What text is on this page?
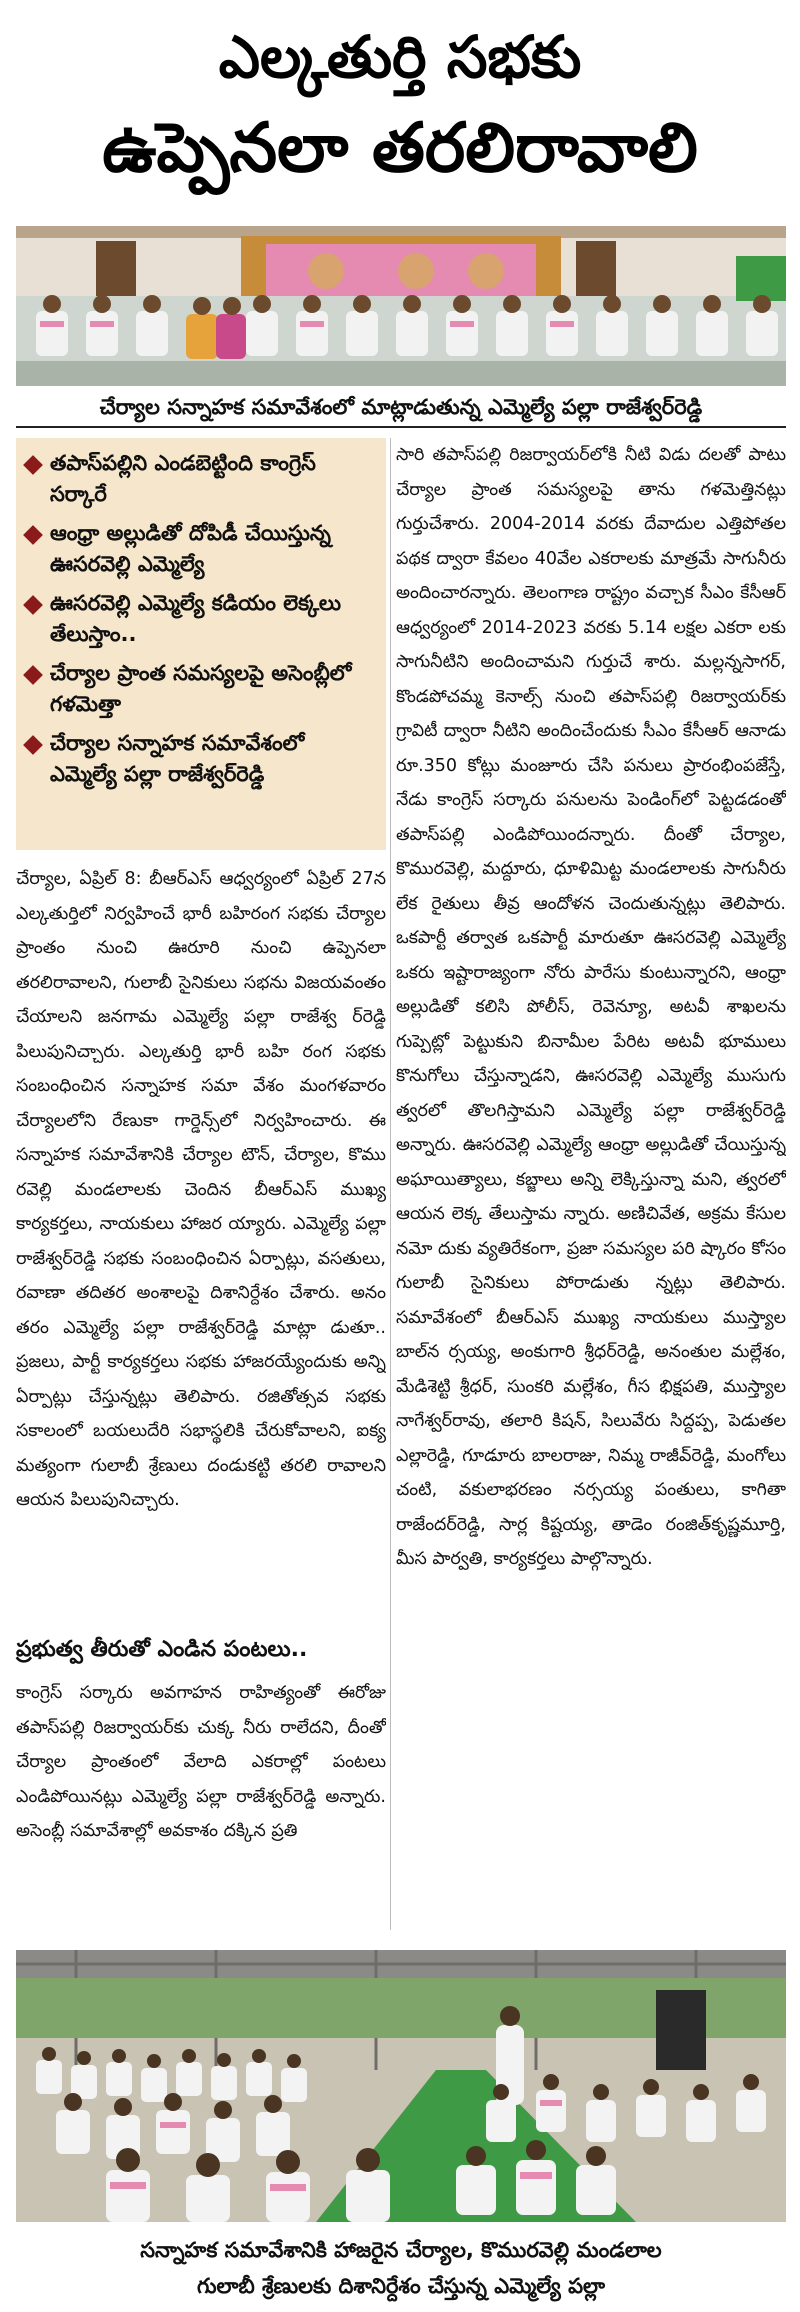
ఎల్కతుర్తి సభకు
ఉప్పెనలా తరలిరావాలి
చేర్యాల సన్నాహక సమావేశంలో మాట్లాడుతున్న ఎమ్మెల్యే పల్లా రాజేశ్వర్‌రెడ్డి
తపాస్‌పల్లిని ఎండబెట్టింది కాంగ్రెస్ సర్కారే
ఆంధ్రా అల్లుడితో దోపిడీ చేయిస్తున్న ఊసరవెల్లి ఎమ్మెల్యే
ఊసరవెల్లి ఎమ్మెల్యే కడియం లెక్కలు తేలుస్తాం..
చేర్యాల ప్రాంత సమస్యలపై అసెంబ్లీలో గళమెత్తా
చేర్యాల సన్నాహక సమావేశంలో ఎమ్మెల్యే పల్లా రాజేశ్వర్‌రెడ్డి

చేర్యాల, ఏప్రిల్ 8: బీఆర్ఎస్ ఆధ్వర్యంలో ఏప్రిల్ 27న ఎల్కతుర్తిలో నిర్వహించే భారీ బహిరంగ సభకు చేర్యాల ప్రాంతం నుంచి ఊరూరి నుంచి ఉప్పెనలా తరలిరావాలని, గులాబీ సైనికులు సభను విజయవంతం చేయాలని జనగామ ఎమ్మెల్యే పల్లా రాజేశ్వ ర్‌రెడ్డి పిలుపునిచ్చారు. ఎల్కతుర్తి భారీ బహి రంగ సభకు సంబంధించిన సన్నాహక సమా వేశం మంగళవారం చేర్యాలలోని రేణుకా గార్డెన్స్‌లో నిర్వహించారు. ఈ సన్నాహక సమావేశానికి చేర్యాల టౌన్, చేర్యాల, కొము రవెల్లి మండలాలకు చెందిన బీఆర్ఎస్ ముఖ్య కార్యకర్తలు, నాయకులు హాజర య్యారు. ఎమ్మెల్యే పల్లా రాజేశ్వర్‌రెడ్డి సభకు సంబంధించిన ఏర్పాట్లు, వసతులు, రవాణా తదితర అంశాలపై దిశానిర్దేశం చేశారు. అనం తరం ఎమ్మెల్యే పల్లా రాజేశ్వర్‌రెడ్డి మాట్లా డుతూ.. ప్రజలు, పార్టీ కార్యకర్తలు సభకు హాజరయ్యేందుకు అన్ని ఏర్పాట్లు చేస్తున్నట్లు తెలిపారు. రజితోత్సవ సభకు సకాలంలో బయలుదేరి సభాస్థలికి చేరుకోవాలని, ఐక్య మత్యంగా గులాబీ శ్రేణులు దండుకట్టి తరలి రావాలని ఆయన పిలుపునిచ్చారు.

ప్రభుత్వ తీరుతో ఎండిన పంటలు..

కాంగ్రెస్ సర్కారు అవగాహన రాహిత్యంతో ఈరోజు తపాస్‌పల్లి రిజర్వాయర్‌కు చుక్క నీరు రాలేదని, దీంతో చేర్యాల ప్రాంతంలో వేలాది ఎకరాల్లో పంటలు ఎండిపోయినట్లు ఎమ్మెల్యే పల్లా రాజేశ్వర్‌రెడ్డి అన్నారు. అసెంబ్లీ సమావేశాల్లో అవకాశం దక్కిన ప్రతి

సారి తపాస్‌పల్లి రిజర్వాయర్‌లోకి నీటి విడు దలతో పాటు చేర్యాల ప్రాంత సమస్యలపై తాను గళమెత్తినట్లు గుర్తుచేశారు. 2004-2014 వరకు దేవాదుల ఎత్తిపోతల పథక ద్వారా కేవలం 40వేల ఎకరాలకు మాత్రమే సాగునీరు అందించారన్నారు. తెలంగాణ రాష్ట్రం వచ్చాక సీఎం కేసీఆర్ ఆధ్వర్యంలో 2014-2023 వరకు 5.14 లక్షల ఎకరా లకు సాగునీటిని అందించామని గుర్తుచే శారు. మల్లన్నసాగర్, కొండపోచమ్మ కెనాల్స్ నుంచి తపాస్‌పల్లి రిజర్వాయర్‌కు గ్రావిటీ ద్వారా నీటిని అందించేందుకు సీఎం కేసీఆర్ ఆనాడు రూ.350 కోట్లు మంజూరు చేసి పనులు ప్రారంభింపజేస్తే, నేడు కాంగ్రెస్ సర్కారు పనులను పెండింగ్‌లో పెట్టడడంతో తపాస్‌పల్లి ఎండిపోయిందన్నారు. దీంతో చేర్యాల, కొమురవెల్లి, మద్దూరు, ధూళిమిట్ట మండలాలకు సాగునీరు లేక రైతులు తీవ్ర ఆందోళన చెందుతున్నట్లు తెలిపారు. ఒకపార్టీ తర్వాత ఒకపార్టీ మారుతూ ఊసరవెల్లి ఎమ్మెల్యే ఒకరు ఇష్టారాజ్యంగా నోరు పారేసు కుంటున్నారని, ఆంధ్రా అల్లుడితో కలిసి పోలీస్, రెవెన్యూ, అటవీ శాఖలను గుప్పెట్లో పెట్టుకుని బినామీల పేరిట అటవీ భూములు కొనుగోలు చేస్తున్నాడని, ఊసరవెల్లి ఎమ్మెల్యే ముసుగు త్వరలో తొలగిస్తామని ఎమ్మెల్యే పల్లా రాజేశ్వర్‌రెడ్డి అన్నారు. ఊసరవెల్లి ఎమ్మెల్యే ఆంధ్రా అల్లుడితో చేయిస్తున్న అఘాయిత్యాలు, కబ్జాలు అన్ని లెక్కిస్తున్నా మని, త్వరలో ఆయన లెక్క తేలుస్తామ న్నారు. అణిచివేత, అక్రమ కేసుల నమో దుకు వ్యతిరేకంగా, ప్రజా సమస్యల పరి ష్కారం కోసం గులాబీ సైనికులు పోరాడుతు న్నట్లు తెలిపారు. సమావేశంలో బీఆర్ఎస్ ముఖ్య నాయకులు ముస్త్యాల బాల్‌న ర్సయ్య, అంకుగారి శ్రీధర్‌రెడ్డి, అనంతుల మల్లేశం, మేడిశెట్టి శ్రీధర్, సుంకరి మల్లేశం, గీస భిక్షపతి, ముస్త్యాల నాగేశ్వర్‌రావు, తలారి కిషన్, సిలువేరు సిద్దప్ప, పెడుతల ఎల్లారెడ్డి, గూడూరు బాలరాజు, నిమ్మ రాజీవ్‌రెడ్డి, మంగోలు చంటి, వకులాభరణం నర్సయ్య పంతులు, కాగితా రాజేందర్‌రెడ్డి, సార్ల కిష్టయ్య, తాడెం రంజిత్‌కృష్ణమూర్తి, మీస పార్వతి, కార్యకర్తలు పాల్గొన్నారు.

సన్నాహక సమావేశానికి హాజరైన చేర్యాల, కొమురవెల్లి మండలాల
గులాబీ శ్రేణులకు దిశానిర్దేశం చేస్తున్న ఎమ్మెల్యే పల్లా
